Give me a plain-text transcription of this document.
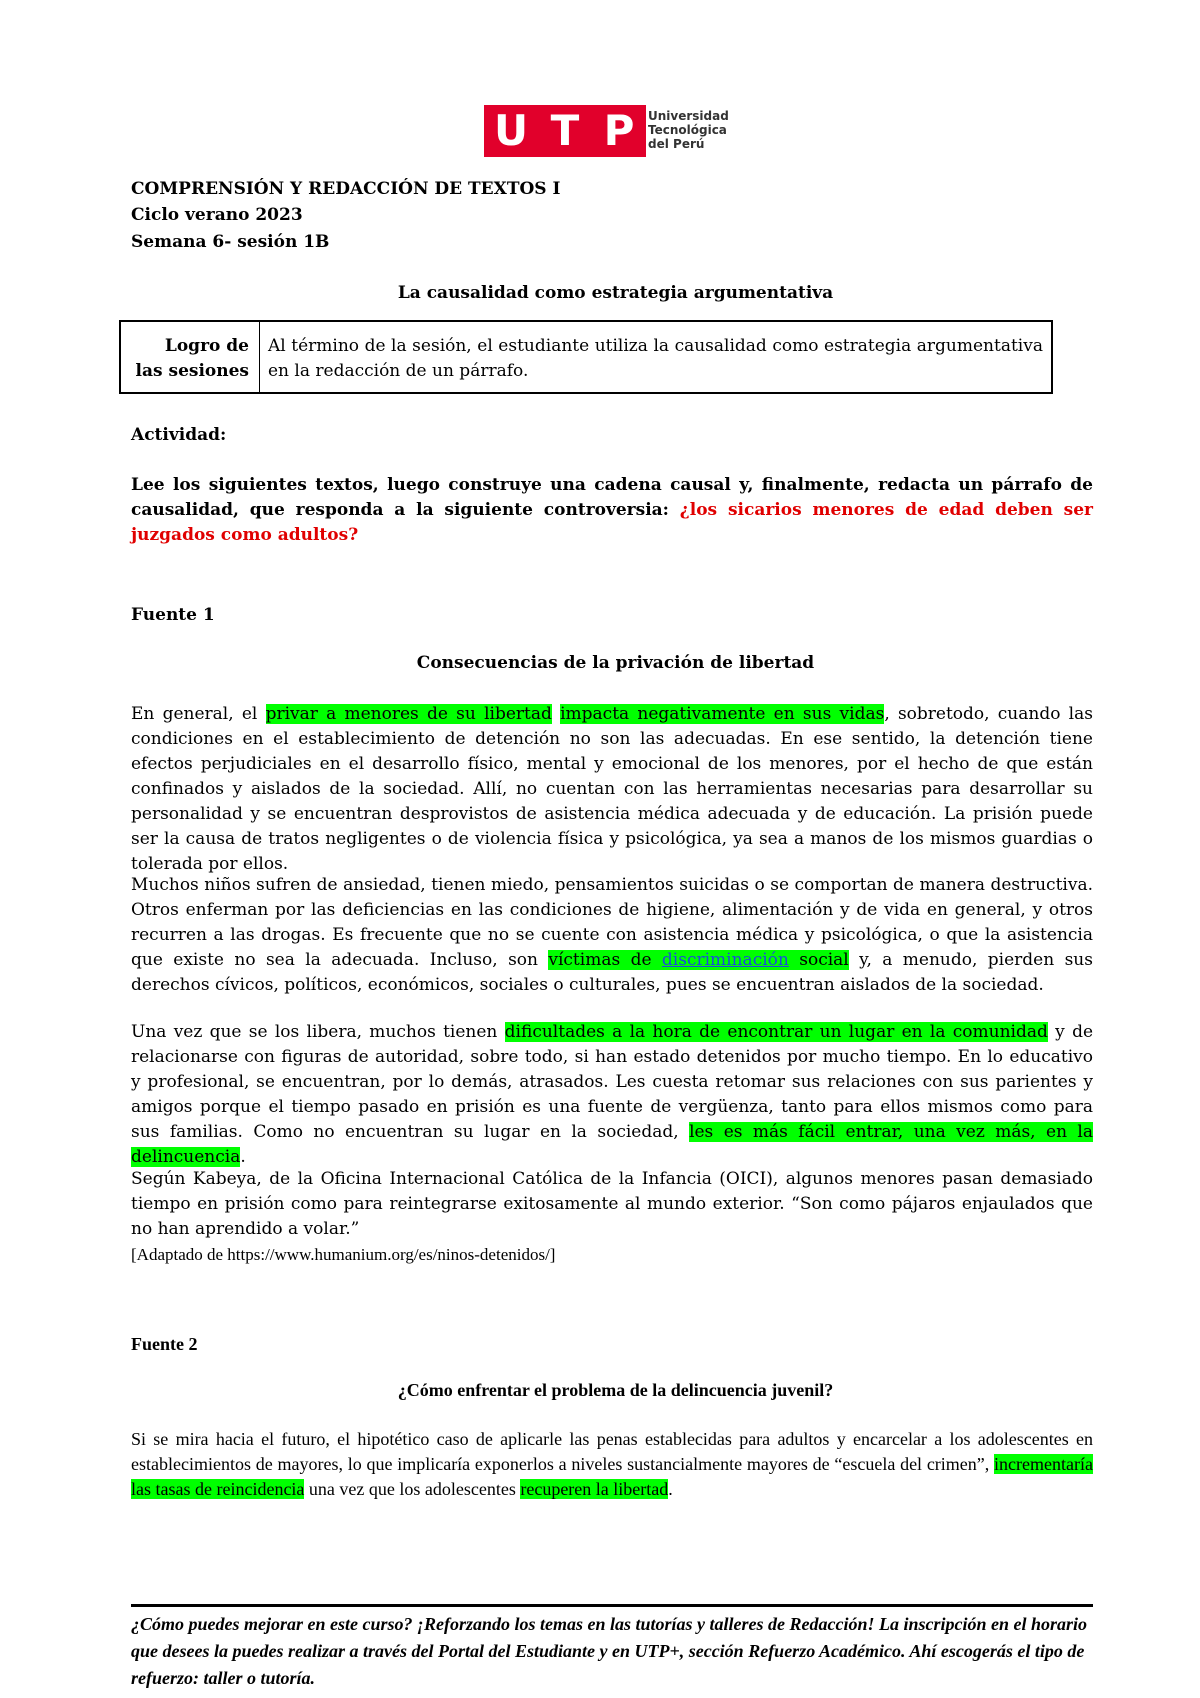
U T P	Universidad
Tecnológica
del Perú
COMPRENSIÓN Y REDACCIÓN DE TEXTOS I
Ciclo verano 2023
Semana 6- sesión 1B
La causalidad como estrategia argumentativa
Logro de
las sesiones
Al término de la sesión, el estudiante utiliza la causalidad como estrategia argumentativa en la redacción de un párrafo.
Actividad:
Lee los siguientes textos, luego construye una cadena causal y, finalmente, redacta un párrafo de causalidad, que responda a la siguiente controversia: ¿los sicarios menores de edad deben ser juzgados como adultos?
Fuente 1
Consecuencias de la privación de libertad
En general, el privar a menores de su libertad impacta negativamente en sus vidas, sobretodo, cuando las condiciones en el establecimiento de detención no son las adecuadas. En ese sentido, la detención tiene efectos perjudiciales en el desarrollo físico, mental y emocional de los menores, por el hecho de que están confinados y aislados de la sociedad. Allí, no cuentan con las herramientas necesarias para desarrollar su personalidad y se encuentran desprovistos de asistencia médica adecuada y de educación. La prisión puede ser la causa de tratos negligentes o de violencia física y psicológica, ya sea a manos de los mismos guardias o tolerada por ellos.
Muchos niños sufren de ansiedad, tienen miedo, pensamientos suicidas o se comportan de manera destructiva. Otros enferman por las deficiencias en las condiciones de higiene, alimentación y de vida en general, y otros recurren a las drogas. Es frecuente que no se cuente con asistencia médica y psicológica, o que la asistencia que existe no sea la adecuada. Incluso, son víctimas de discriminación social y, a menudo, pierden sus derechos cívicos, políticos, económicos, sociales o culturales, pues se encuentran aislados de la sociedad.
Una vez que se los libera, muchos tienen dificultades a la hora de encontrar un lugar en la comunidad y de relacionarse con figuras de autoridad, sobre todo, si han estado detenidos por mucho tiempo. En lo educativo y profesional, se encuentran, por lo demás, atrasados. Les cuesta retomar sus relaciones con sus parientes y amigos porque el tiempo pasado en prisión es una fuente de vergüenza, tanto para ellos mismos como para sus familias. Como no encuentran su lugar en la sociedad, les es más fácil entrar, una vez más, en la delincuencia.
Según Kabeya, de la Oficina Internacional Católica de la Infancia (OICI), algunos menores pasan demasiado tiempo en prisión como para reintegrarse exitosamente al mundo exterior. “Son como pájaros enjaulados que no han aprendido a volar.”
[Adaptado de https://www.humanium.org/es/ninos-detenidos/]
Fuente 2
¿Cómo enfrentar el problema de la delincuencia juvenil?
Si se mira hacia el futuro, el hipotético caso de aplicarle las penas establecidas para adultos y encarcelar a los adolescentes en establecimientos de mayores, lo que implicaría exponerlos a niveles sustancialmente mayores de “escuela del crimen”, incrementaría las tasas de reincidencia una vez que los adolescentes recuperen la libertad.
¿Cómo puedes mejorar en este curso? ¡Reforzando los temas en las tutorías y talleres de Redacción! La inscripción en el horario que desees la puedes realizar a través del Portal del Estudiante y en UTP+, sección Refuerzo Académico. Ahí escogerás el tipo de refuerzo: taller o tutoría.
